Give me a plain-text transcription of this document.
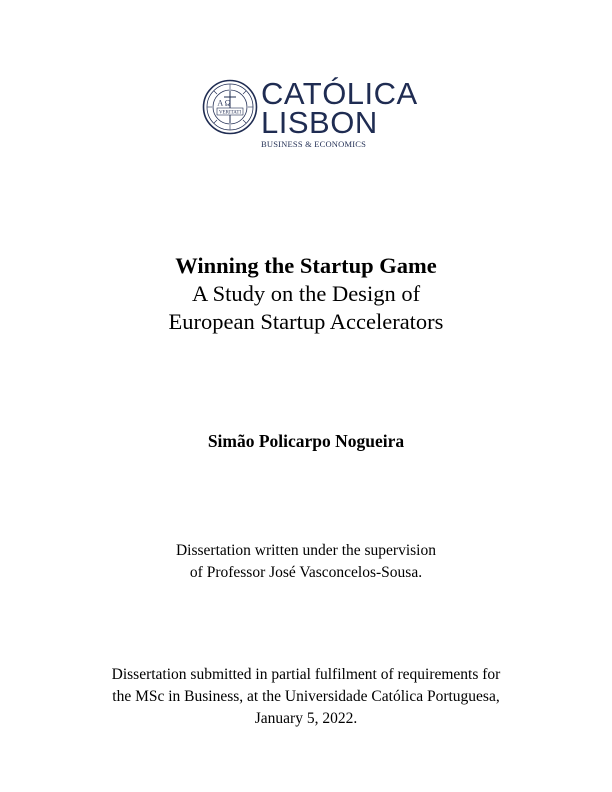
A Ω
VERITATI
CATÓLICA
LISBON
BUSINESS & ECONOMICS
Winning the Startup Game
A Study on the Design of
European Startup Accelerators
Simão Policarpo Nogueira
Dissertation written under the supervision
of Professor José Vasconcelos-Sousa.
Dissertation submitted in partial fulfilment of requirements for
the MSc in Business, at the Universidade Católica Portuguesa,
January 5, 2022.
